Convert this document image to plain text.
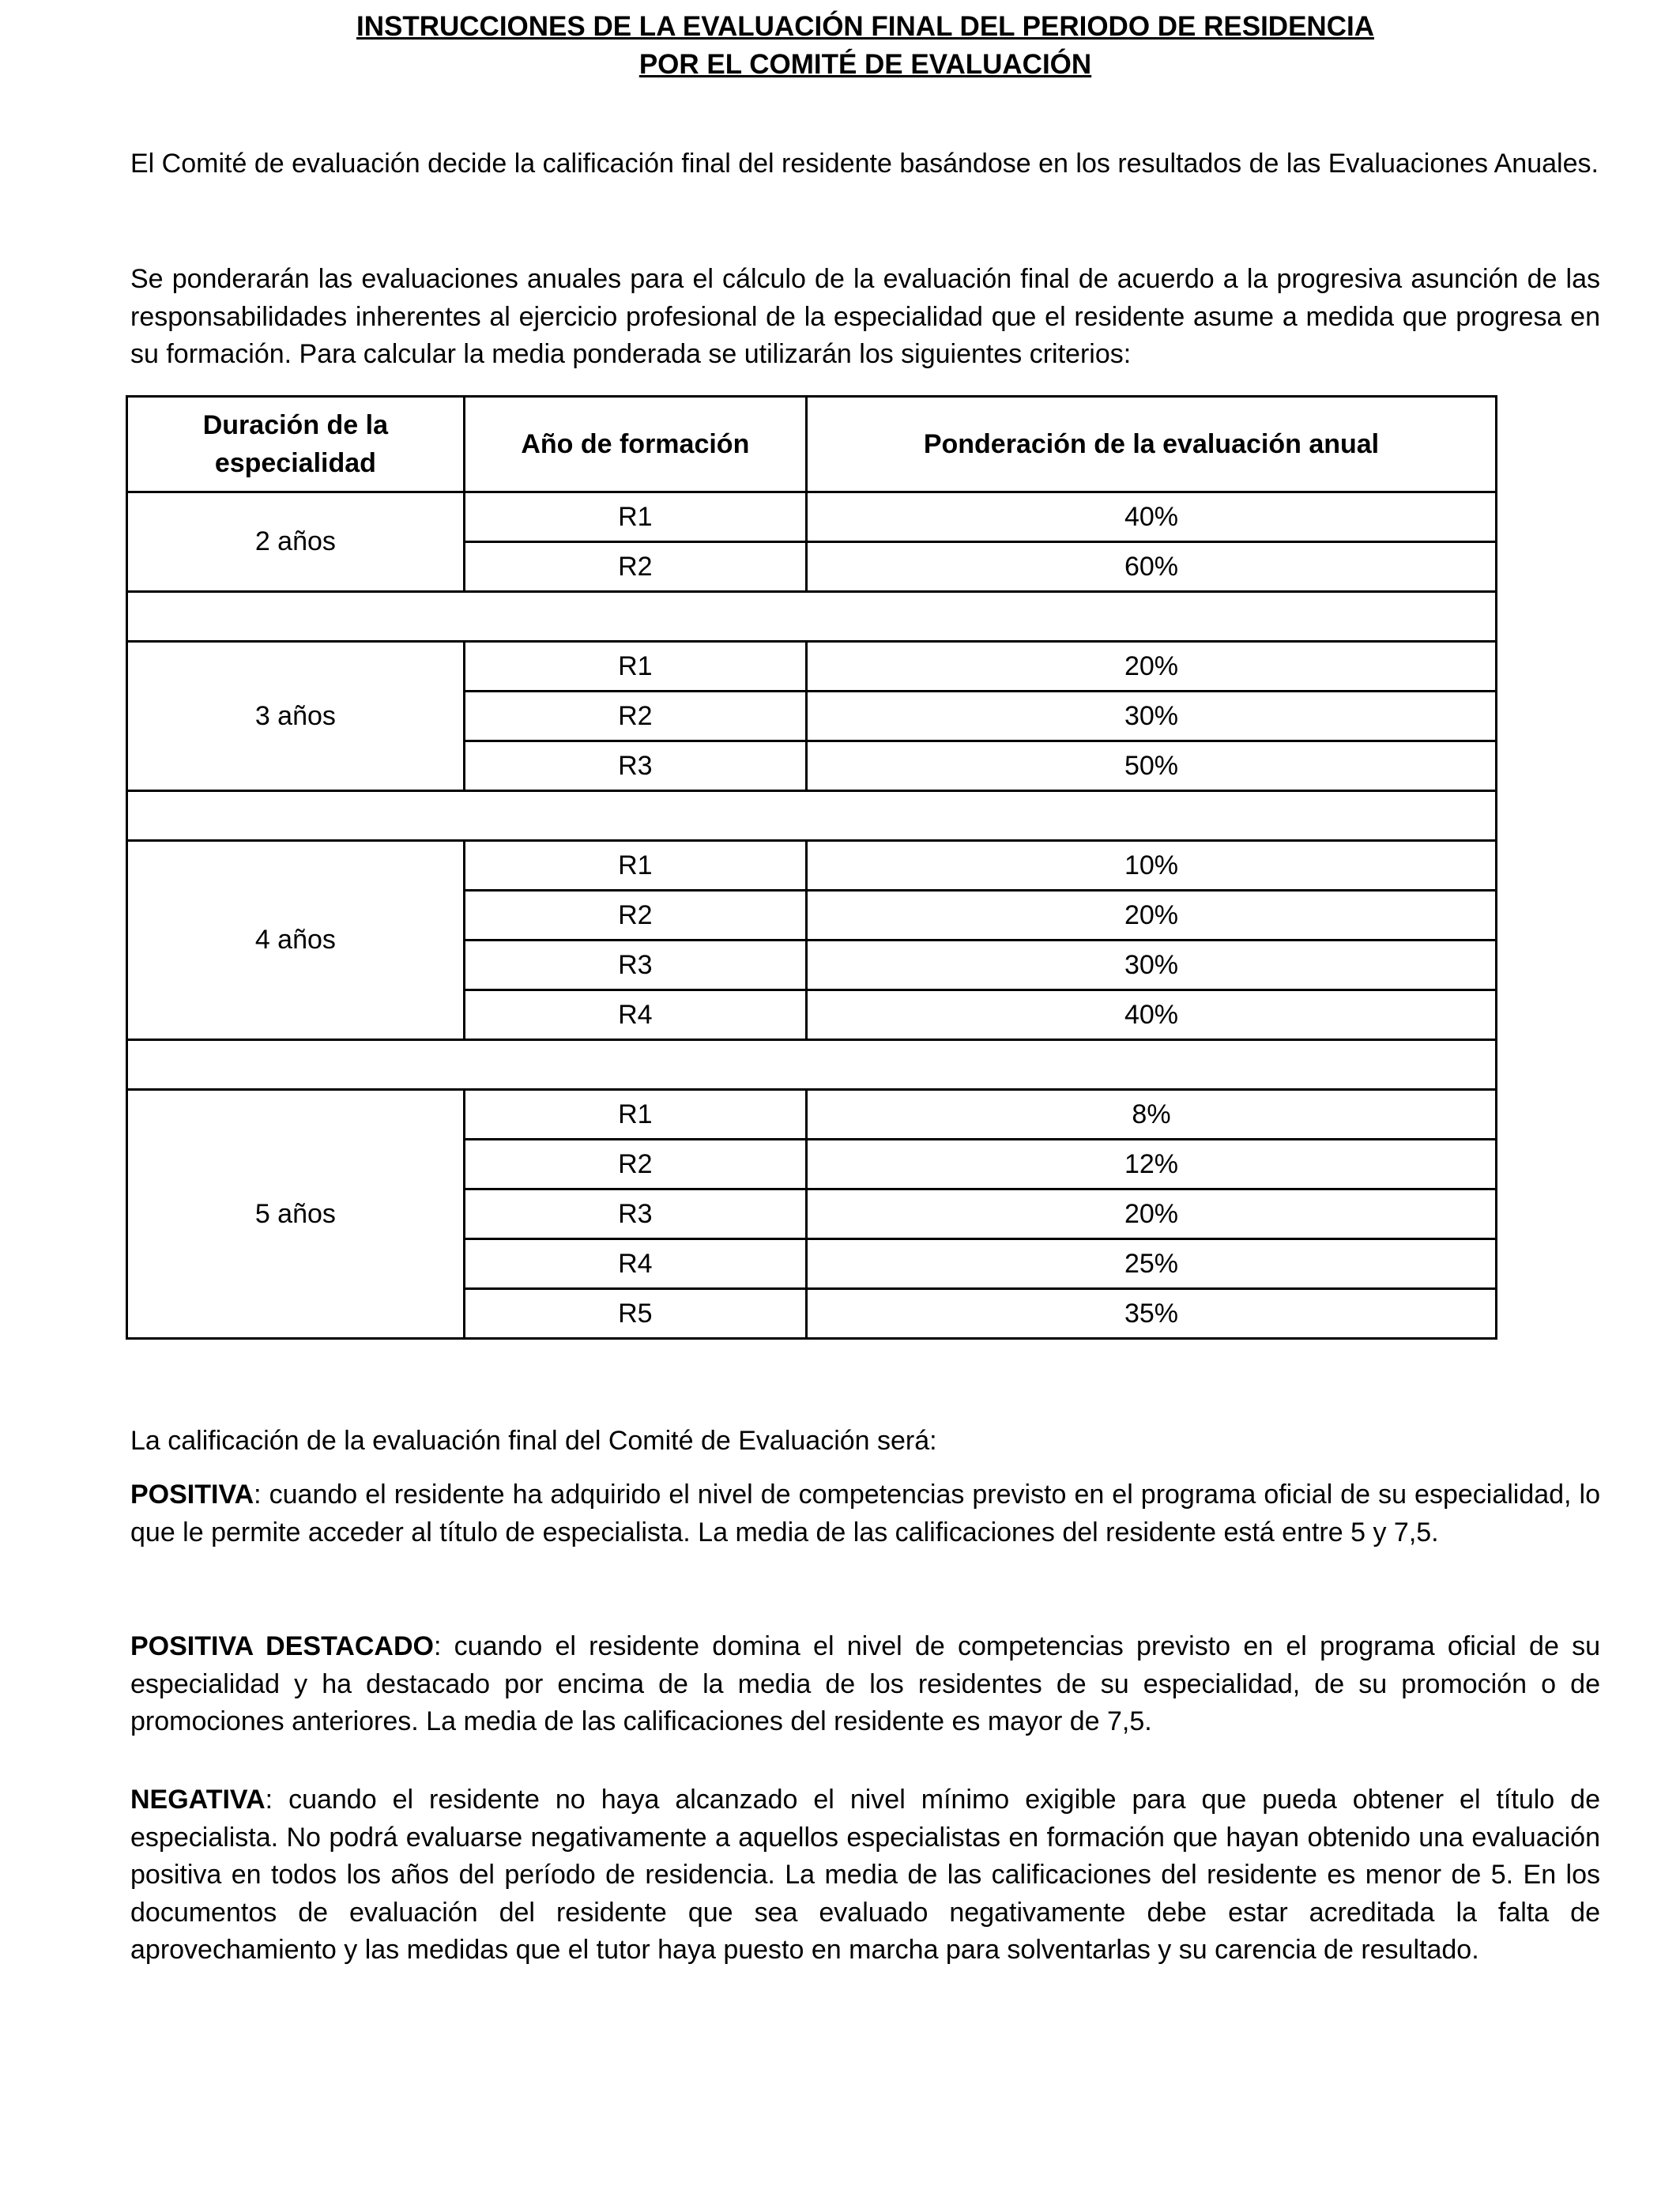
INSTRUCCIONES DE LA EVALUACIÓN FINAL DEL PERIODO DE RESIDENCIA
POR EL COMITÉ DE EVALUACIÓN

El Comité de evaluación decide la calificación final del residente basándose en los resultados de las Evaluaciones Anuales.

Se ponderarán las evaluaciones anuales para el cálculo de la evaluación final de acuerdo a la progresiva asunción de las responsabilidades inherentes al ejercicio profesional de la especialidad que el residente asume a medida que progresa en su formación. Para calcular la media ponderada se utilizarán los siguientes criterios:

Duración de la especialidad	Año de formación	Ponderación de la evaluación anual
2 años	R1	40%
	R2	60%

3 años	R1	20%
	R2	30%
	R3	50%

4 años	R1	10%
	R2	20%
	R3	30%
	R4	40%

5 años	R1	8%
	R2	12%
	R3	20%
	R4	25%
	R5	35%

La calificación de la evaluación final del Comité de Evaluación será:

POSITIVA: cuando el residente ha adquirido el nivel de competencias previsto en el programa oficial de su especialidad, lo que le permite acceder al título de especialista. La media de las calificaciones del residente está entre 5 y 7,5.

POSITIVA DESTACADO: cuando el residente domina el nivel de competencias previsto en el programa oficial de su especialidad y ha destacado por encima de la media de los residentes de su especialidad, de su promoción o de promociones anteriores. La media de las calificaciones del residente es mayor de 7,5.

NEGATIVA: cuando el residente no haya alcanzado el nivel mínimo exigible para que pueda obtener el título de especialista. No podrá evaluarse negativamente a aquellos especialistas en formación que hayan obtenido una evaluación positiva en todos los años del período de residencia. La media de las calificaciones del residente es menor de 5. En los documentos de evaluación del residente que sea evaluado negativamente debe estar acreditada la falta de aprovechamiento y las medidas que el tutor haya puesto en marcha para solventarlas y su carencia de resultado.
